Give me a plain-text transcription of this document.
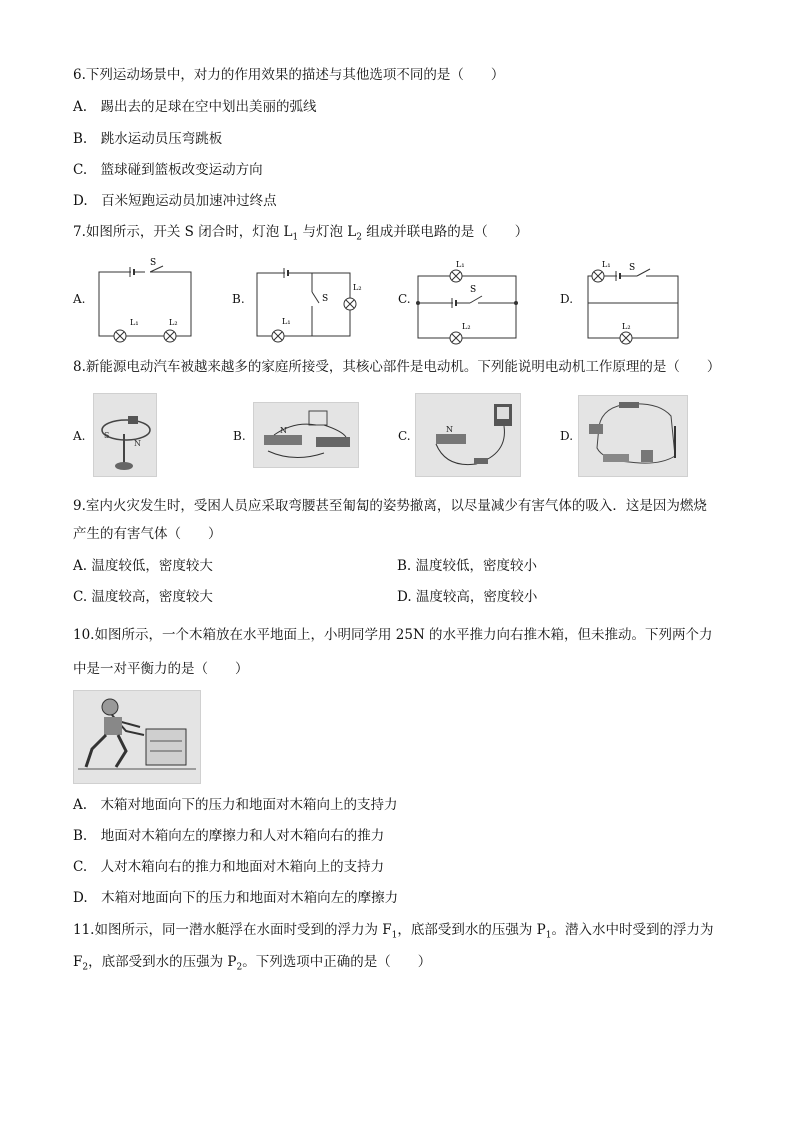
6.下列运动场景中，对力的作用效果的描述与其他选项不同的是（　　）
A.　踢出去的足球在空中划出美丽的弧线
B.　跳水运动员压弯跳板
C.　篮球碰到篮板改变运动方向
D.　百米短跑运动员加速冲过终点
7.如图所示，开关 S 闭合时，灯泡 $L_1$ 与灯泡 $L_2$ 组成并联电路的是（　　）
A.
S
L₁	L₂
B.	S
L₂
L₁
C.
L₁
S
L₂
D.
L₁ S
L₂
8.新能源电动汽车被越来越多的家庭所接受，其核心部件是电动机。下列能说明电动机工作原理的是（　　）
A. S
N
B.	N	C.	N	D.
9.室内火灾发生时，受困人员应采取弯腰甚至匍匐的姿势撤离，以尽量减少有害气体的吸入．这是因为燃烧
产生的有害气体（　　）
A. 温度较低，密度较大	B. 温度较低，密度较小
C. 温度较高，密度较大	D. 温度较高，密度较小
10.如图所示，一个木箱放在水平地面上，小明同学用 25N 的水平推力向右推木箱，但未推动。下列两个力
中是一对平衡力的是（　　）
A.　木箱对地面向下的压力和地面对木箱向上的支持力
B.　地面对木箱向左的摩擦力和人对木箱向右的推力
C.　人对木箱向右的推力和地面对木箱向上的支持力
D.　木箱对地面向下的压力和地面对木箱向左的摩擦力
11.如图所示，同一潜水艇浮在水面时受到的浮力为 $F_1$，底部受到水的压强为 $P_1$。潜入水中时受到的浮力为
$F_2$，底部受到水的压强为 $P_2$。下列选项中正确的是（　　）
